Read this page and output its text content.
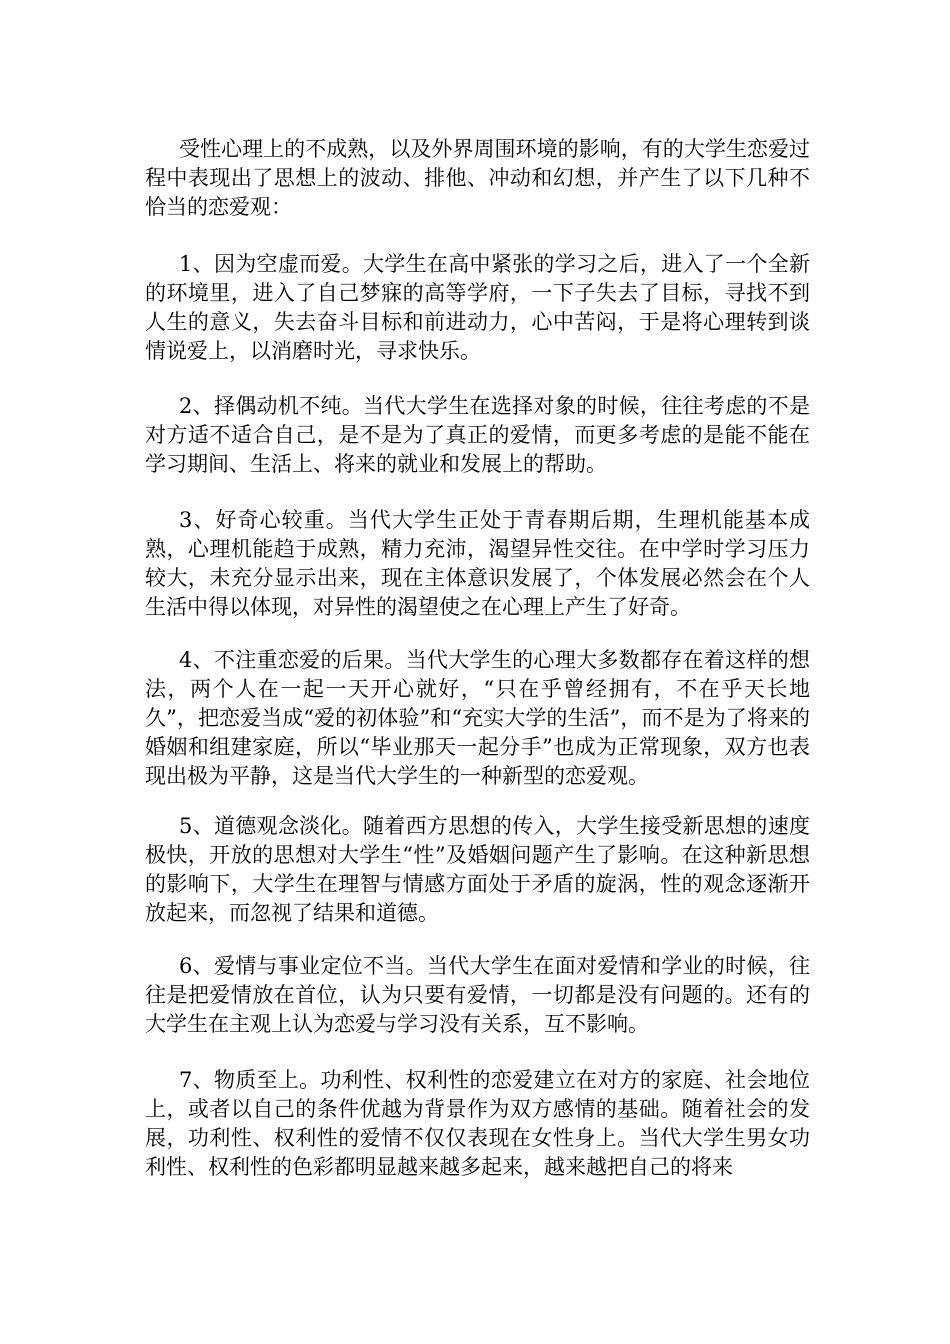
受性心理上的不成熟，以及外界周围环境的影响，有的大学生恋爱过程中表现出了思想上的波动、排他、冲动和幻想，并产生了以下几种不恰当的恋爱观：

1、因为空虚而爱。大学生在高中紧张的学习之后，进入了一个全新的环境里，进入了自己梦寐的高等学府，一下子失去了目标，寻找不到人生的意义，失去奋斗目标和前进动力，心中苦闷，于是将心理转到谈情说爱上，以消磨时光，寻求快乐。

2、择偶动机不纯。当代大学生在选择对象的时候，往往考虑的不是对方适不适合自己，是不是为了真正的爱情，而更多考虑的是能不能在学习期间、生活上、将来的就业和发展上的帮助。

3、好奇心较重。当代大学生正处于青春期后期，生理机能基本成熟，心理机能趋于成熟，精力充沛，渴望异性交往。在中学时学习压力较大，未充分显示出来，现在主体意识发展了，个体发展必然会在个人生活中得以体现，对异性的渴望使之在心理上产生了好奇。

4、不注重恋爱的后果。当代大学生的心理大多数都存在着这样的想法，两个人在一起一天开心就好，“只在乎曾经拥有，不在乎天长地久”，把恋爱当成“爱的初体验”和“充实大学的生活”，而不是为了将来的婚姻和组建家庭，所以“毕业那天一起分手”也成为正常现象，双方也表现出极为平静，这是当代大学生的一种新型的恋爱观。

5、道德观念淡化。随着西方思想的传入，大学生接受新思想的速度极快，开放的思想对大学生“性”及婚姻问题产生了影响。在这种新思想的影响下，大学生在理智与情感方面处于矛盾的旋涡，性的观念逐渐开放起来，而忽视了结果和道德。

6、爱情与事业定位不当。当代大学生在面对爱情和学业的时候，往往是把爱情放在首位，认为只要有爱情，一切都是没有问题的。还有的大学生在主观上认为恋爱与学习没有关系，互不影响。

7、物质至上。功利性、权利性的恋爱建立在对方的家庭、社会地位上，或者以自己的条件优越为背景作为双方感情的基础。随着社会的发展，功利性、权利性的爱情不仅仅表现在女性身上。当代大学生男女功利性、权利性的色彩都明显越来越多起来，越来越把自己的将来
